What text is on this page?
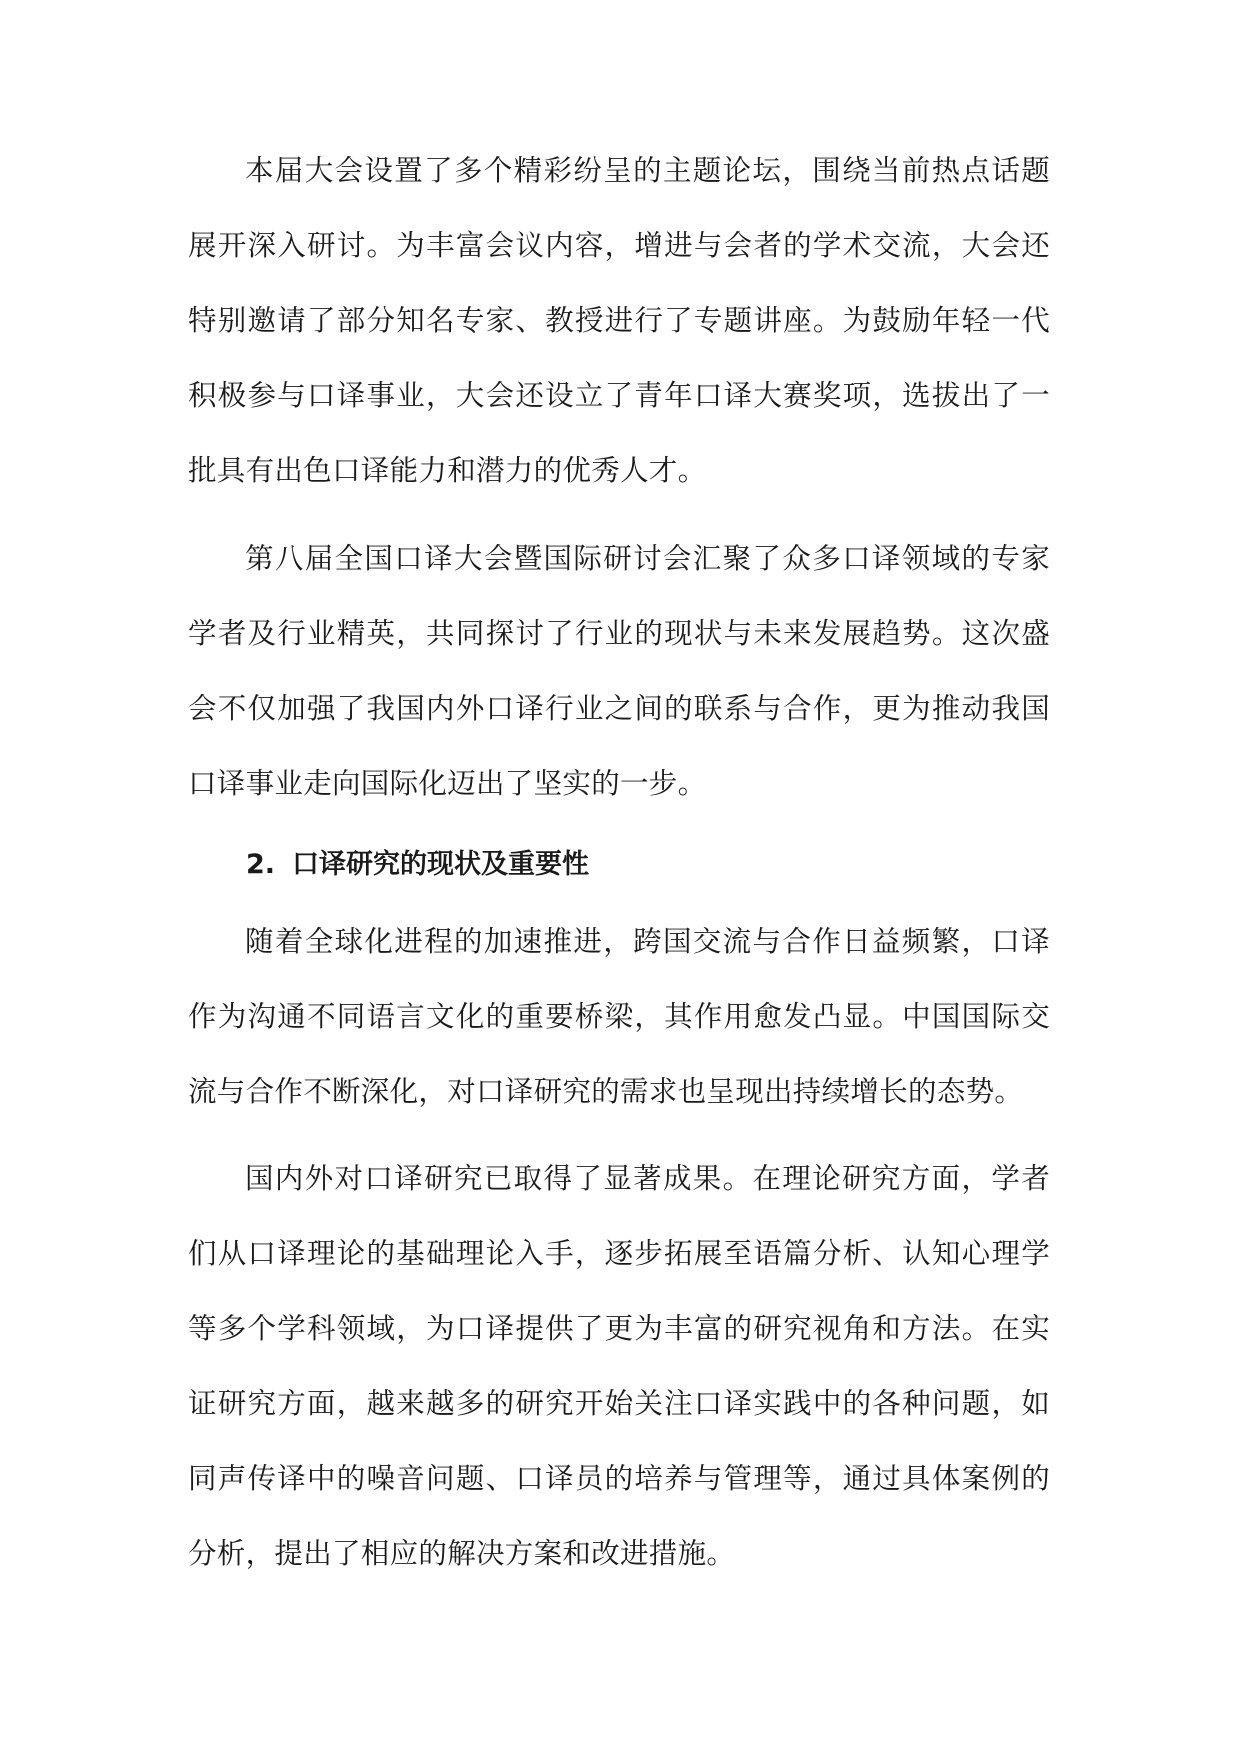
本届大会设置了多个精彩纷呈的主题论坛，围绕当前热点话题展开深入研讨。为丰富会议内容，增进与会者的学术交流，大会还特别邀请了部分知名专家、教授进行了专题讲座。为鼓励年轻一代积极参与口译事业，大会还设立了青年口译大赛奖项，选拔出了一批具有出色口译能力和潜力的优秀人才。

第八届全国口译大会暨国际研讨会汇聚了众多口译领域的专家学者及行业精英，共同探讨了行业的现状与未来发展趋势。这次盛会不仅加强了我国内外口译行业之间的联系与合作，更为推动我国口译事业走向国际化迈出了坚实的一步。

2. 口译研究的现状及重要性

随着全球化进程的加速推进，跨国交流与合作日益频繁，口译作为沟通不同语言文化的重要桥梁，其作用愈发凸显。中国国际交流与合作不断深化，对口译研究的需求也呈现出持续增长的态势。

国内外对口译研究已取得了显著成果。在理论研究方面，学者们从口译理论的基础理论入手，逐步拓展至语篇分析、认知心理学等多个学科领域，为口译提供了更为丰富的研究视角和方法。在实证研究方面，越来越多的研究开始关注口译实践中的各种问题，如同声传译中的噪音问题、口译员的培养与管理等，通过具体案例的分析，提出了相应的解决方案和改进措施。
